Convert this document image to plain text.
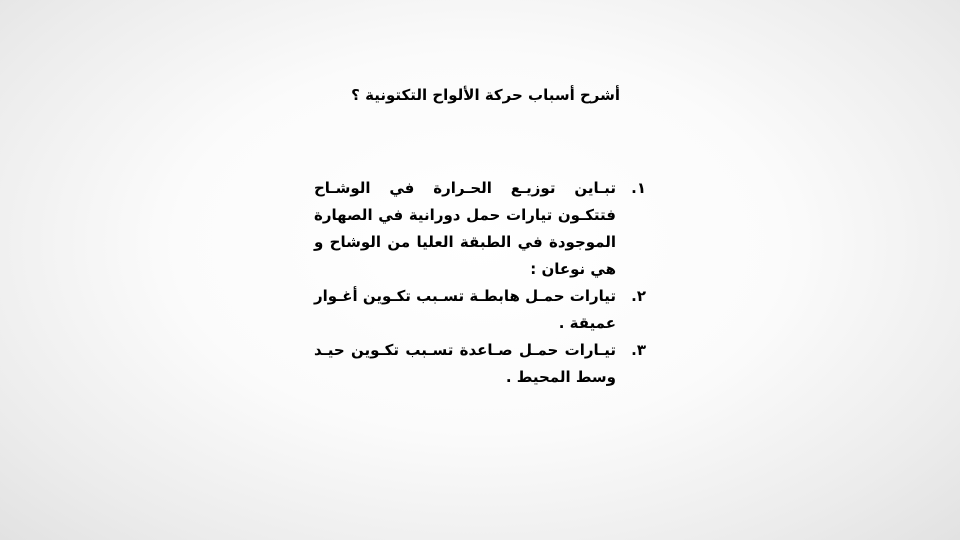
أشرح أسباب حركة الألواح التكتونية ؟
١.
تبـاين توزيـع الحـرارة في الوشـاح فتتكـون تيارات حمل دورانية في الصهارة الموجودة في الطبقة العليا من الوشاح و هي نوعان :
٢.
تيارات حمـل هابطـة تسـبب تكـوين أغـوار عميقة .
٣.
تيـارات حمـل صـاعدة تسـبب تكـوين حيـد وسط المحيط .
